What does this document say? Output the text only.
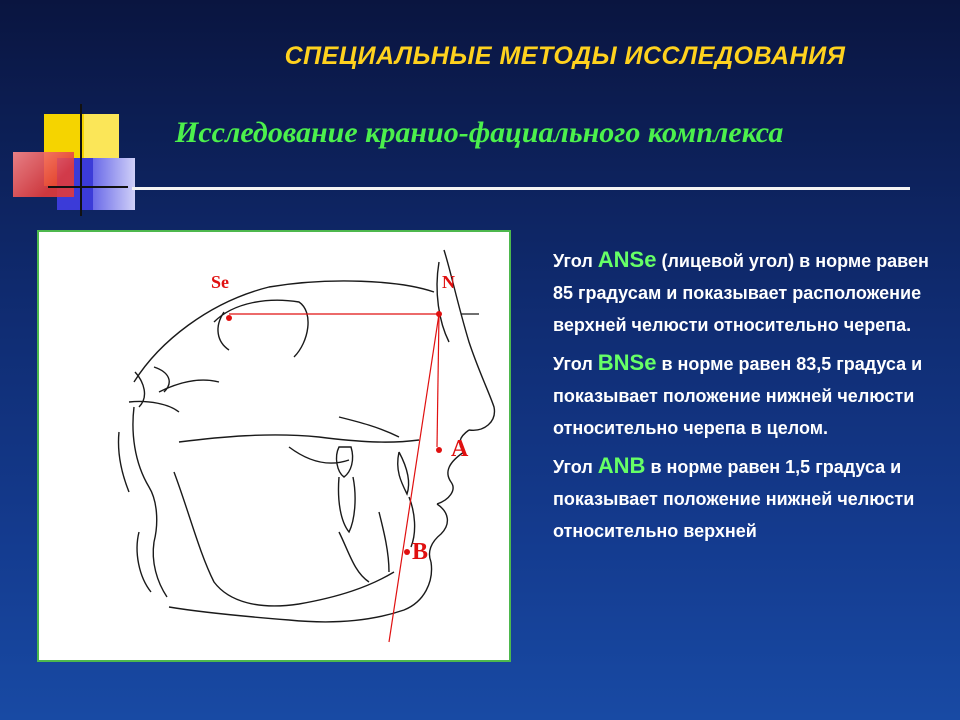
СПЕЦИАЛЬНЫЕ МЕТОДЫ ИССЛЕДОВАНИЯ
Исследование кранио-фациального комплекса
Se	N
A
B

Угол ANSe (лицевой угол) в норме равен 85 градусам и показывает расположение верхней челюсти относительно черепа.

Угол BNSe в норме равен 83,5 градуса и показывает положение нижней челюсти относительно черепа в целом.

Угол ANB в норме равен 1,5 градуса и показывает положение нижней челюсти относительно верхней
